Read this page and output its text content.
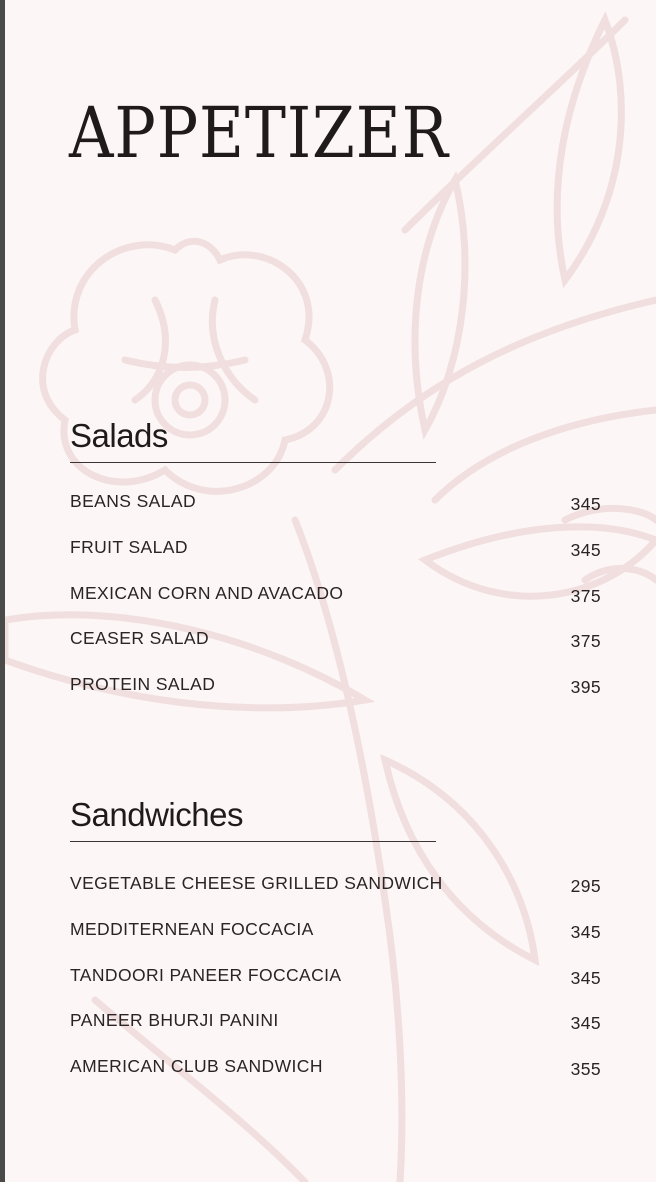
APPETIZER
Salads
BEANS SALAD	345
FRUIT SALAD	345
MEXICAN CORN AND AVACADO	375
CEASER SALAD	375
PROTEIN SALAD	395
Sandwiches
VEGETABLE CHEESE GRILLED SANDWICH	295
MEDDITERNEAN FOCCACIA	345
TANDOORI PANEER FOCCACIA	345
PANEER BHURJI PANINI	345
AMERICAN CLUB SANDWICH	355
